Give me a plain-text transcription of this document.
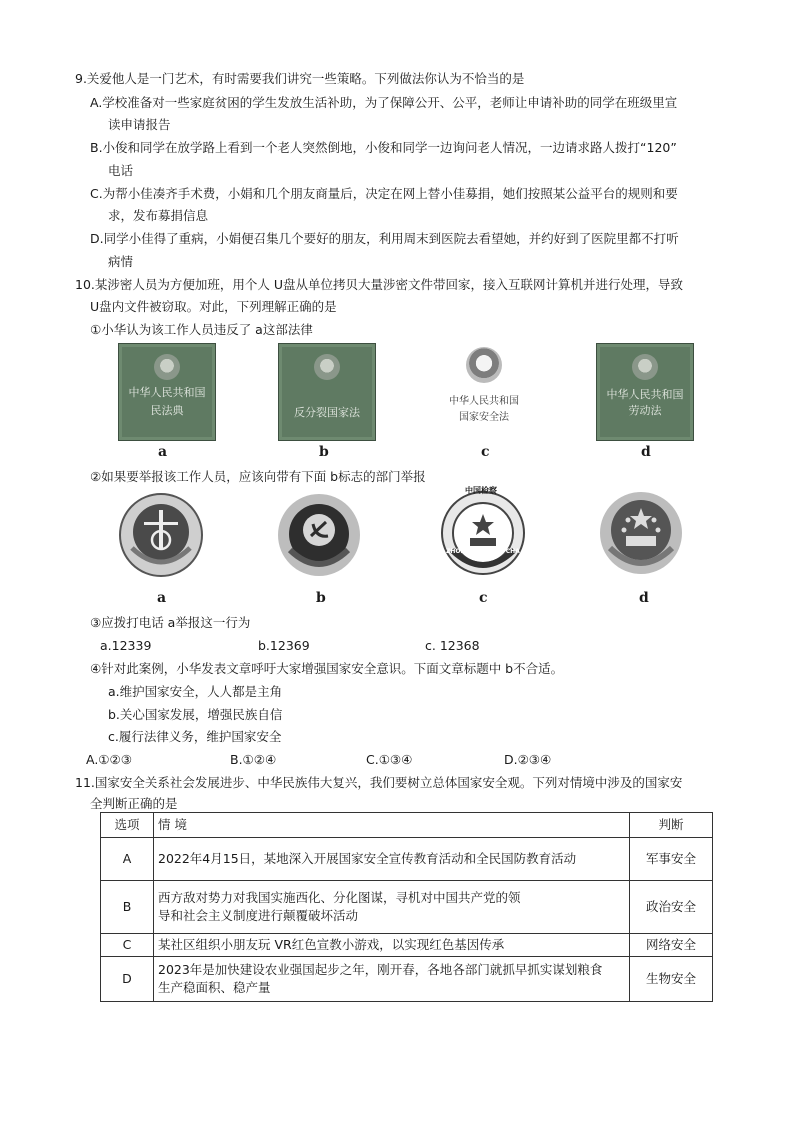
9.关爱他人是一门艺术，有时需要我们讲究一些策略。下列做法你认为不恰当的是
A.学校准备对一些家庭贫困的学生发放生活补助，为了保障公开、公平，老师让申请补助的同学在班级里宣
读申请报告
B.小俊和同学在放学路上看到一个老人突然倒地，小俊和同学一边询问老人情况，一边请求路人拨打“120”
电话
C.为帮小佳凑齐手术费，小娟和几个朋友商量后，决定在网上替小佳募捐，她们按照某公益平台的规则和要
求，发布募捐信息
D.同学小佳得了重病，小娟便召集几个要好的朋友，利用周末到医院去看望她，并约好到了医院里都不打听
病情
10.某涉密人员为方便加班，用个人 U盘从单位拷贝大量涉密文件带回家，接入互联网计算机并进行处理，导致
U盘内文件被窃取。对此，下列理解正确的是
①小华认为该工作人员违反了 a这部法律
中华人民共和国
民法典	反分裂国家法
中华人民共和国
国家安全法
中华人民共和国
劳动法
a	b	c	d
②如果要举报该工作人员，应该向带有下面 b标志的部门举报
中国检察
ZHONG GUO JIAN CHA
a	b	c	d
③应拨打电话 a举报这一行为
a.12339	b.12369	c. 12368
④针对此案例，小华发表文章呼吁大家增强国家安全意识。下面文章标题中 b不合适。
a.维护国家安全，人人都是主角
b.关心国家发展，增强民族自信
c.履行法律义务，维护国家安全
A.①②③	B.①②④	C.①③④	D.②③④
11.国家安全关系社会发展进步、中华民族伟大复兴，我们要树立总体国家安全观。下列对情境中涉及的国家安
全判断正确的是
选项	情 境	判断
A	2022年4月15日，某地深入开展国家安全宣传教育活动和全民国防教育活动	军事安全
B	西方敌对势力对我国实施西化、分化图谋，寻机对中国共产党的领
导和社会主义制度进行颠覆破坏活动	政治安全
C	某社区组织小朋友玩 VR红色宣教小游戏，以实现红色基因传承	网络安全
D	2023年是加快建设农业强国起步之年，刚开春，各地各部门就抓早抓实谋划粮食
生产稳面积、稳产量	生物安全
